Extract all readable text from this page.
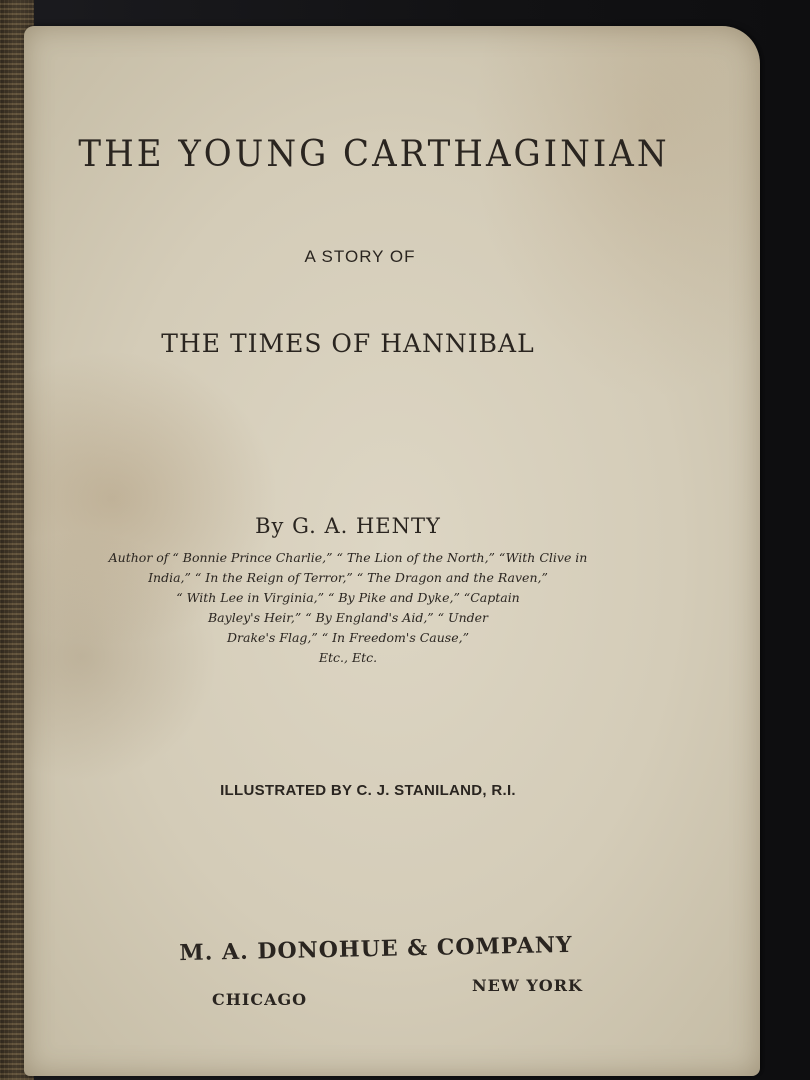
THE YOUNG CARTHAGINIAN
A STORY OF
THE TIMES OF HANNIBAL
By G. A. HENTY
Author of “ Bonnie Prince Charlie,” “ The Lion of the North,” “With Clive in
India,” “ In the Reign of Terror,” “ The Dragon and the Raven,”
“ With Lee in Virginia,” “ By Pike and Dyke,” “Captain
Bayley's Heir,” “ By England's Aid,” “ Under
Drake's Flag,” “ In Freedom's Cause,”
Etc., Etc.
ILLUSTRATED BY C. J. STANILAND, R.I.
M. A. DONOHUE & COMPANY
CHICAGO
NEW YORK
